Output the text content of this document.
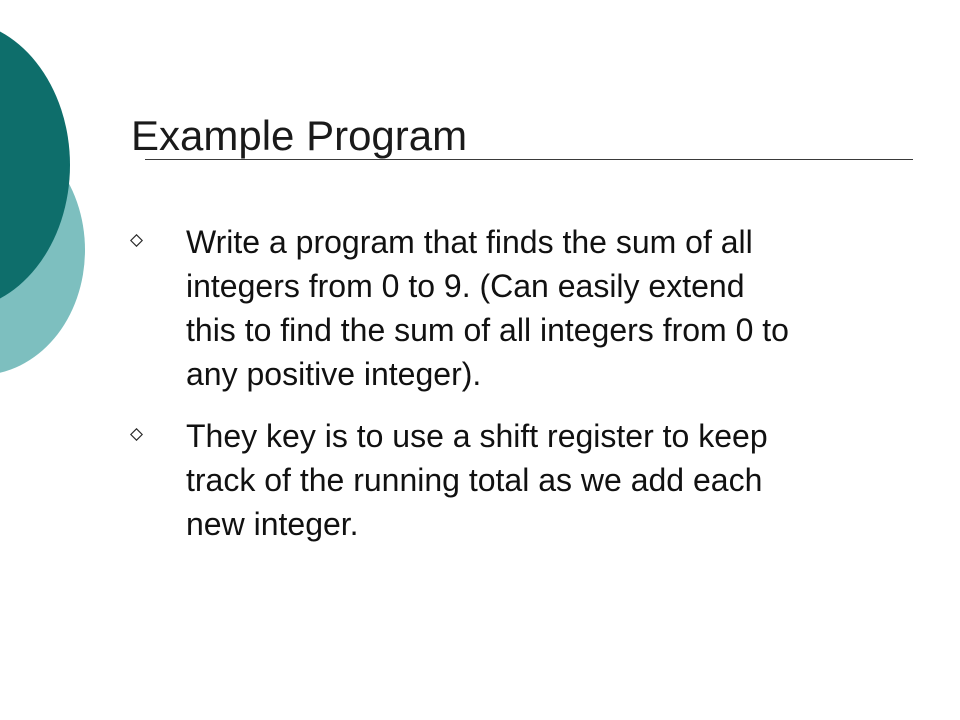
Example Program
Write a program that finds the sum of all
integers from 0 to 9. (Can easily extend
this to find the sum of all integers from 0 to
any positive integer).
They key is to use a shift register to keep
track of the running total as we add each
new integer.
